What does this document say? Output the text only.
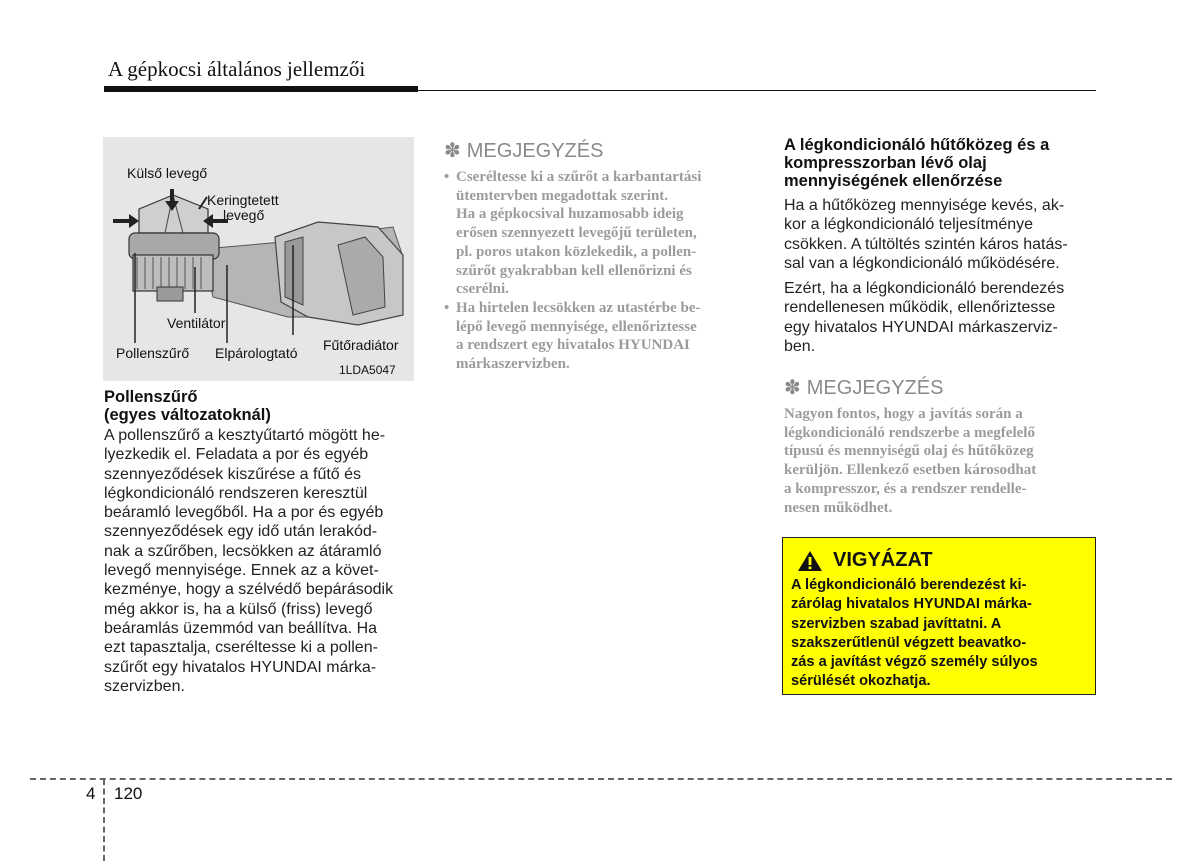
A gépkocsi általános jellemzői
Külső levegő
Keringtetett
levegő
Ventilátor
Pollenszűrő Elpárologtató Fűtőradiátor
1LDA5047
Pollenszűrő
(egyes változatoknál)
A pollenszűrő a kesztyűtartó mögött he-
lyezkedik el. Feladata a por és egyéb
szennyeződések kiszűrése a fűtő és
légkondicionáló rendszeren keresztül
beáramló levegőből. Ha a por és egyéb
szennyeződések egy idő után lerakód-
nak a szűrőben, lecsökken az átáramló
levegő mennyisége. Ennek az a követ-
kezménye, hogy a szélvédő bepárásodik
még akkor is, ha a külső (friss) levegő
beáramlás üzemmód van beállítva. Ha
ezt tapasztalja, cseréltesse ki a pollen-
szűrőt egy hivatalos HYUNDAI márka-
szervizben.
✽ MEGJEGYZÉS
• Cseréltesse ki a szűrőt a karbantartási
ütemtervben megadottak szerint.
Ha a gépkocsival huzamosabb ideig
erősen szennyezett levegőjű területen,
pl. poros utakon közlekedik, a pollen-
szűrőt gyakrabban kell ellenőrizni és
cserélni.
• Ha hirtelen lecsökken az utastérbe be-
lépő levegő mennyisége, ellenőriztesse
a rendszert egy hivatalos HYUNDAI
márkaszervizben.
A légkondicionáló hűtőközeg és a
kompresszorban lévő olaj
mennyiségének ellenőrzése
Ha a hűtőközeg mennyisége kevés, ak-
kor a légkondicionáló teljesítménye
csökken. A túltöltés szintén káros hatás-
sal van a légkondicionáló működésére.
Ezért, ha a légkondicionáló berendezés
rendellenesen működik, ellenőriztesse
egy hivatalos HYUNDAI márkaszerviz-
ben.
✽ MEGJEGYZÉS
Nagyon fontos, hogy a javítás során a
légkondicionáló rendszerbe a megfelelő
típusú és mennyiségű olaj és hűtőközeg
kerüljön. Ellenkező esetben károsodhat
a kompresszor, és a rendszer rendelle-
nesen működhet.
VIGYÁZAT
A légkondicionáló berendezést ki-
zárólag hivatalos HYUNDAI márka-
szervizben szabad javíttatni. A
szakszerűtlenül végzett beavatko-
zás a javítást végző személy súlyos
sérülését okozhatja.
4 120
